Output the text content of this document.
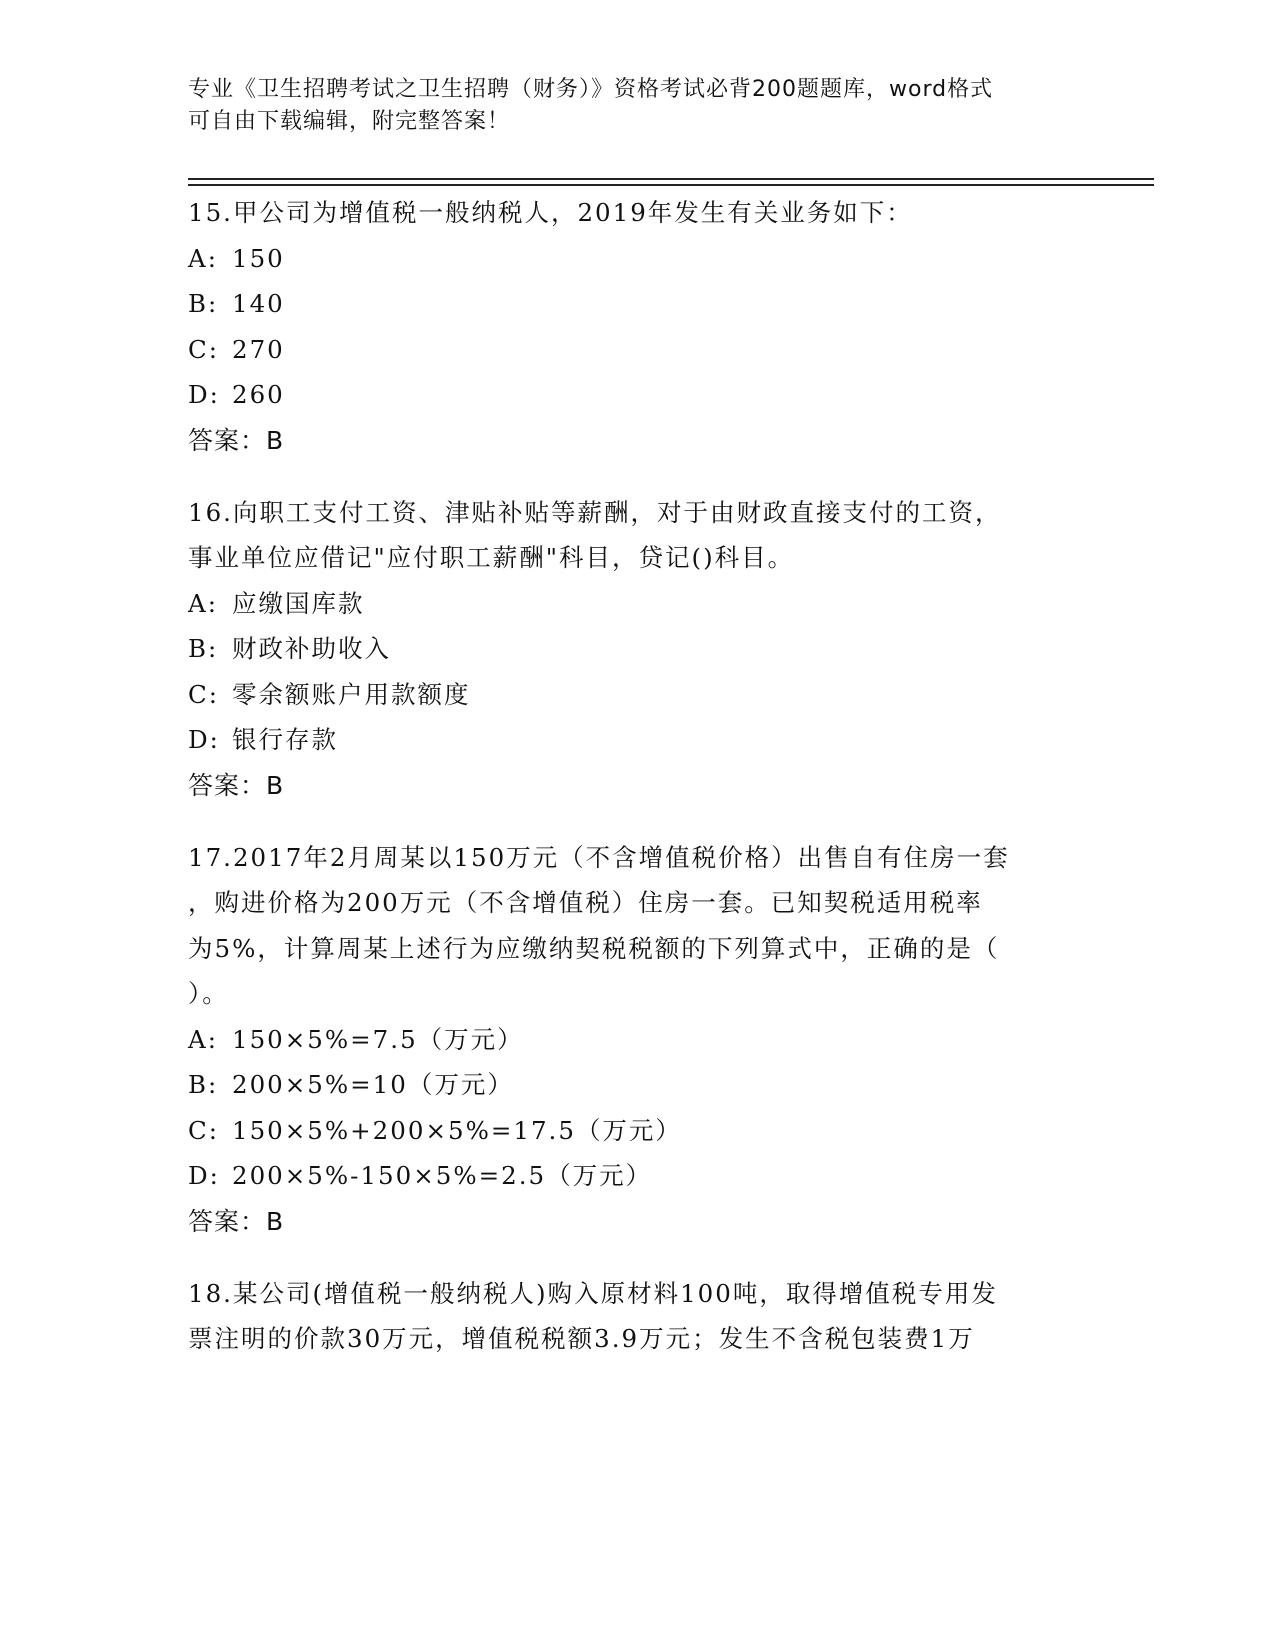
专业《卫生招聘考试之卫生招聘（财务）》资格考试必背200题题库，word格式
可自由下载编辑，附完整答案！
15.甲公司为增值税一般纳税人，2019年发生有关业务如下：
A: 150
B: 140
C: 270
D: 260
答案：B
16.向职工支付工资、津贴补贴等薪酬，对于由财政直接支付的工资，
事业单位应借记"应付职工薪酬"科目，贷记()科目。
A: 应缴国库款
B: 财政补助收入
C: 零余额账户用款额度
D: 银行存款
答案：B
17.2017年2月周某以150万元（不含增值税价格）出售自有住房一套
，购进价格为200万元（不含增值税）住房一套。已知契税适用税率
为5%，计算周某上述行为应缴纳契税税额的下列算式中，正确的是（
）。
A: 150×5%=7.5（万元）
B: 200×5%=10（万元）
C: 150×5%+200×5%=17.5（万元）
D: 200×5%-150×5%=2.5（万元）
答案：B
18.某公司(增值税一般纳税人)购入原材料100吨，取得增值税专用发
票注明的价款30万元，增值税税额3.9万元；发生不含税包装费1万
